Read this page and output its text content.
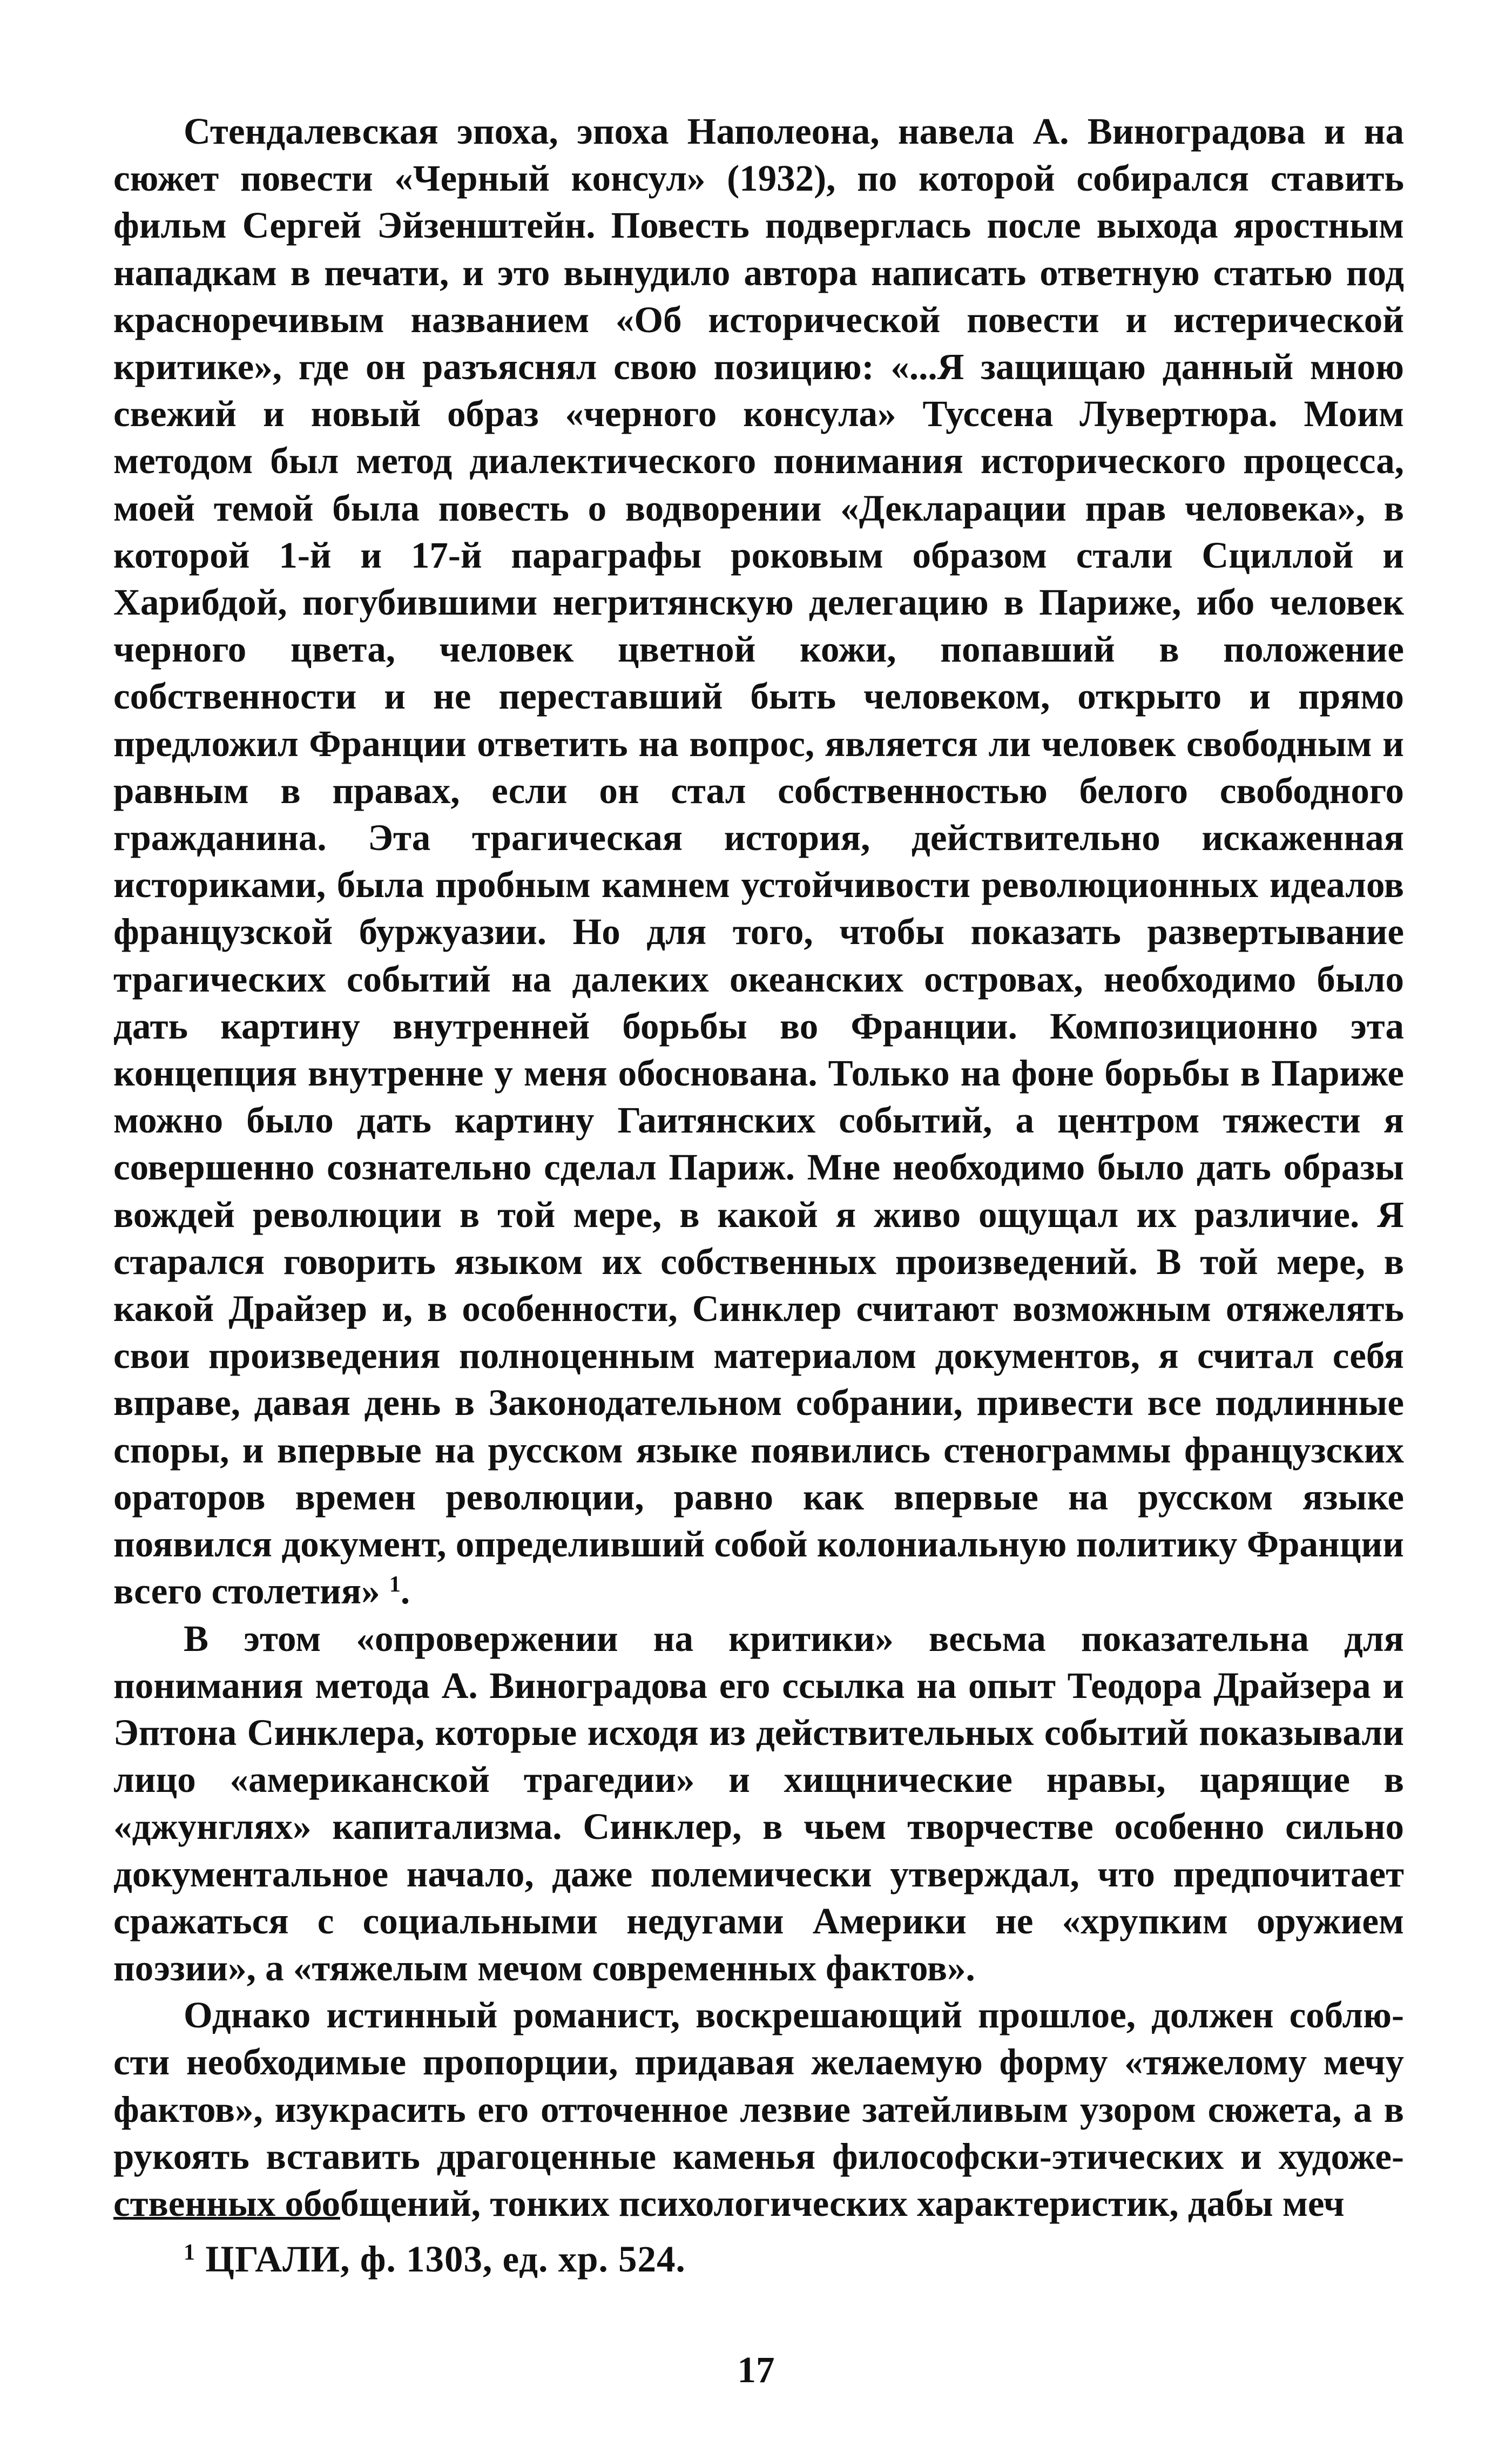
Стендалевская эпоха, эпоха Наполеона, навела А. Виноградова и на сюжет повести «Черный консул» (1932), по которой собирался ставить фильм Сергей Эйзенштейн. Повесть подверглась после выхода яростным нападкам в печати, и это вынудило автора написать ответную статью под красноречивым названием «Об исторической повести и истерической критике», где он разъяснял свою позицию: «...Я защищаю данный мною свежий и новый образ «черного консула» Туссена Лувертюра. Моим методом был метод диалектического понимания исторического процесса, моей темой была повесть о водворении «Декларации прав человека», в которой 1-й и 17-й параграфы роковым образом стали Сциллой и Харибдой, погубившими негритянскую делегацию в Париже, ибо человек черного цвета, человек цветной кожи, попавший в положение собственности и не переставший быть человеком, открыто и прямо предложил Франции ответить на вопрос, является ли человек свободным и равным в правах, если он стал собственностью белого свободного гражданина. Эта трагическая история, действительно искаженная историками, была пробным камнем устойчивости революционных идеалов французской буржуазии. Но для того, чтобы показать развертывание трагических событий на далеких океанских островах, необходимо было дать картину внутренней борьбы во Франции. Композиционно эта концепция внутренне у меня обоснована. Только на фоне борьбы в Париже можно было дать картину Гаитянских событий, а центром тяжести я совершенно сознательно сделал Париж. Мне необходимо было дать образы вождей революции в той мере, в какой я живо ощущал их различие. Я старался говорить языком их собственных произведений. В той мере, в какой Драйзер и, в особенности, Синклер считают возможным отяжелять свои произведения полноценным материалом документов, я считал себя вправе, давая день в Законодательном собрании, привести все подлинные споры, и впервые на русском языке появились стенограммы французских ораторов времен революции, равно как впервые на русском языке появился документ, определивший собой колониальную политику Франции всего столетия» $^1$.

В этом «опровержении на критики» весьма показательна для понимания метода А. Виноградова его ссылка на опыт Теодора Драйзера и Эптона Синклера, которые исходя из действительных событий показывали лицо «американской трагедии» и хищнические нравы, царящие в «джунглях» капитализма. Синклер, в чьем творчестве особенно сильно документальное начало, даже полемически утверждал, что предпочитает сражаться с социальными недугами Америки не «хрупким оружием поэзии», а «тяжелым мечом современных фактов».

Однако истинный романист, воскрешающий прошлое, должен соблюсти необходимые пропорции, придавая желаемую форму «тяжелому мечу фактов», изукрасить его отточенное лезвие затейливым узором сюжета, а в рукоять вставить драгоценные каменья философски-этических и художественных обобщений, тонких психологических характеристик, дабы меч

$^1$ ЦГАЛИ, ф. 1303, ед. хр. 524.
17
